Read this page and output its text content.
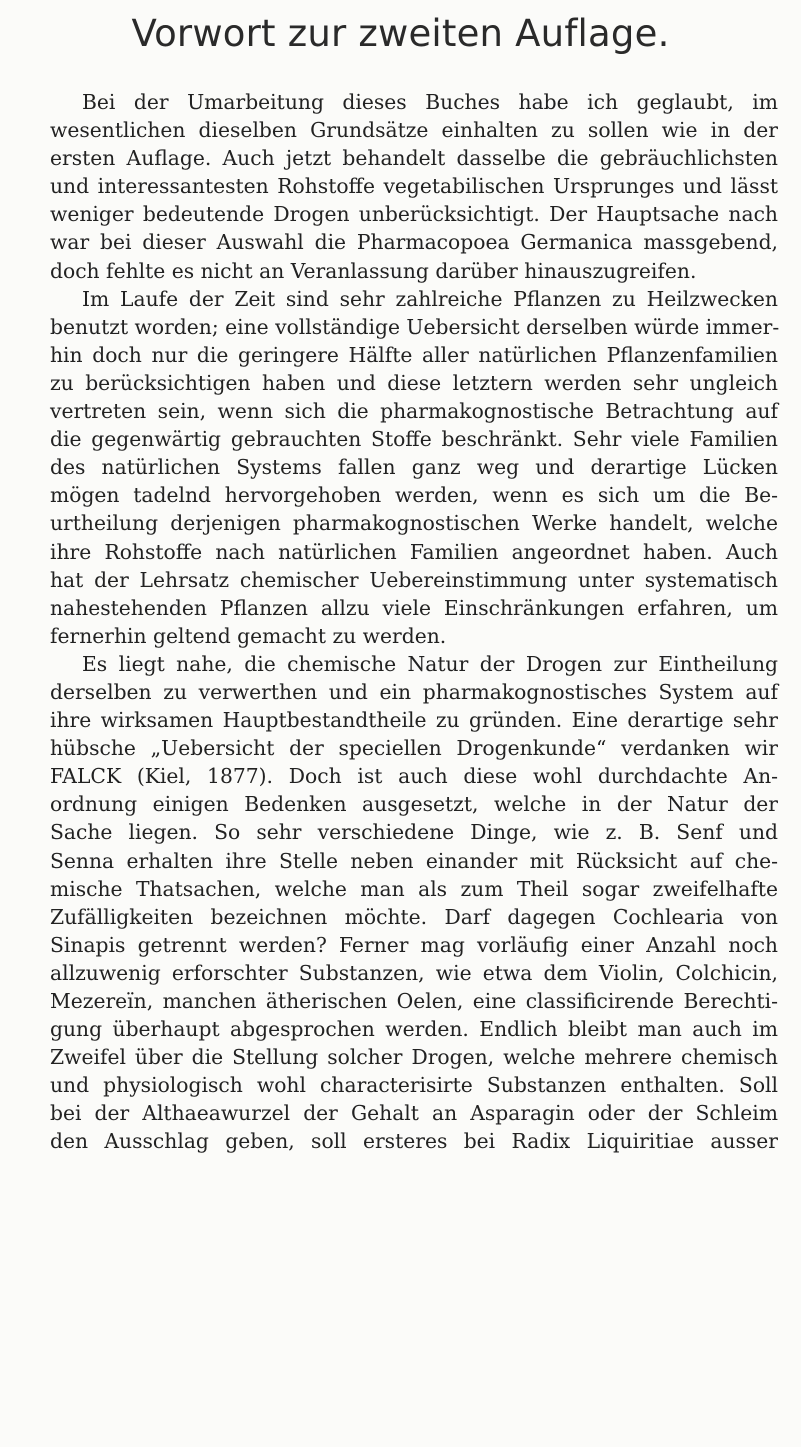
Vorwort zur zweiten Auflage.
Bei der Umarbeitung dieses Buches habe ich geglaubt, im
wesentlichen dieselben Grundsätze einhalten zu sollen wie in der
ersten Auflage. Auch jetzt behandelt dasselbe die gebräuchlichsten
und interessantesten Rohstoffe vegetabilischen Ursprunges und lässt
weniger bedeutende Drogen unberücksichtigt. Der Hauptsache nach
war bei dieser Auswahl die Pharmacopoea Germanica massgebend,
doch fehlte es nicht an Veranlassung darüber hinauszugreifen.
Im Laufe der Zeit sind sehr zahlreiche Pflanzen zu Heilzwecken
benutzt worden; eine vollständige Uebersicht derselben würde immer-
hin doch nur die geringere Hälfte aller natürlichen Pflanzenfamilien
zu berücksichtigen haben und diese letztern werden sehr ungleich
vertreten sein, wenn sich die pharmakognostische Betrachtung auf
die gegenwärtig gebrauchten Stoffe beschränkt. Sehr viele Familien
des natürlichen Systems fallen ganz weg und derartige Lücken
mögen tadelnd hervorgehoben werden, wenn es sich um die Be-
urtheilung derjenigen pharmakognostischen Werke handelt, welche
ihre Rohstoffe nach natürlichen Familien angeordnet haben. Auch
hat der Lehrsatz chemischer Uebereinstimmung unter systematisch
nahestehenden Pflanzen allzu viele Einschränkungen erfahren, um
fernerhin geltend gemacht zu werden.
Es liegt nahe, die chemische Natur der Drogen zur Eintheilung
derselben zu verwerthen und ein pharmakognostisches System auf
ihre wirksamen Hauptbestandtheile zu gründen. Eine derartige sehr
hübsche „Uebersicht der speciellen Drogenkunde“ verdanken wir
FALCK (Kiel, 1877). Doch ist auch diese wohl durchdachte An-
ordnung einigen Bedenken ausgesetzt, welche in der Natur der
Sache liegen. So sehr verschiedene Dinge, wie z. B. Senf und
Senna erhalten ihre Stelle neben einander mit Rücksicht auf che-
mische Thatsachen, welche man als zum Theil sogar zweifelhafte
Zufälligkeiten bezeichnen möchte. Darf dagegen Cochlearia von
Sinapis getrennt werden? Ferner mag vorläufig einer Anzahl noch
allzuwenig erforschter Substanzen, wie etwa dem Violin, Colchicin,
Mezereïn, manchen ätherischen Oelen, eine classificirende Berechti-
gung überhaupt abgesprochen werden. Endlich bleibt man auch im
Zweifel über die Stellung solcher Drogen, welche mehrere chemisch
und physiologisch wohl characterisirte Substanzen enthalten. Soll
bei der Althaeawurzel der Gehalt an Asparagin oder der Schleim
den Ausschlag geben, soll ersteres bei Radix Liquiritiae ausser
